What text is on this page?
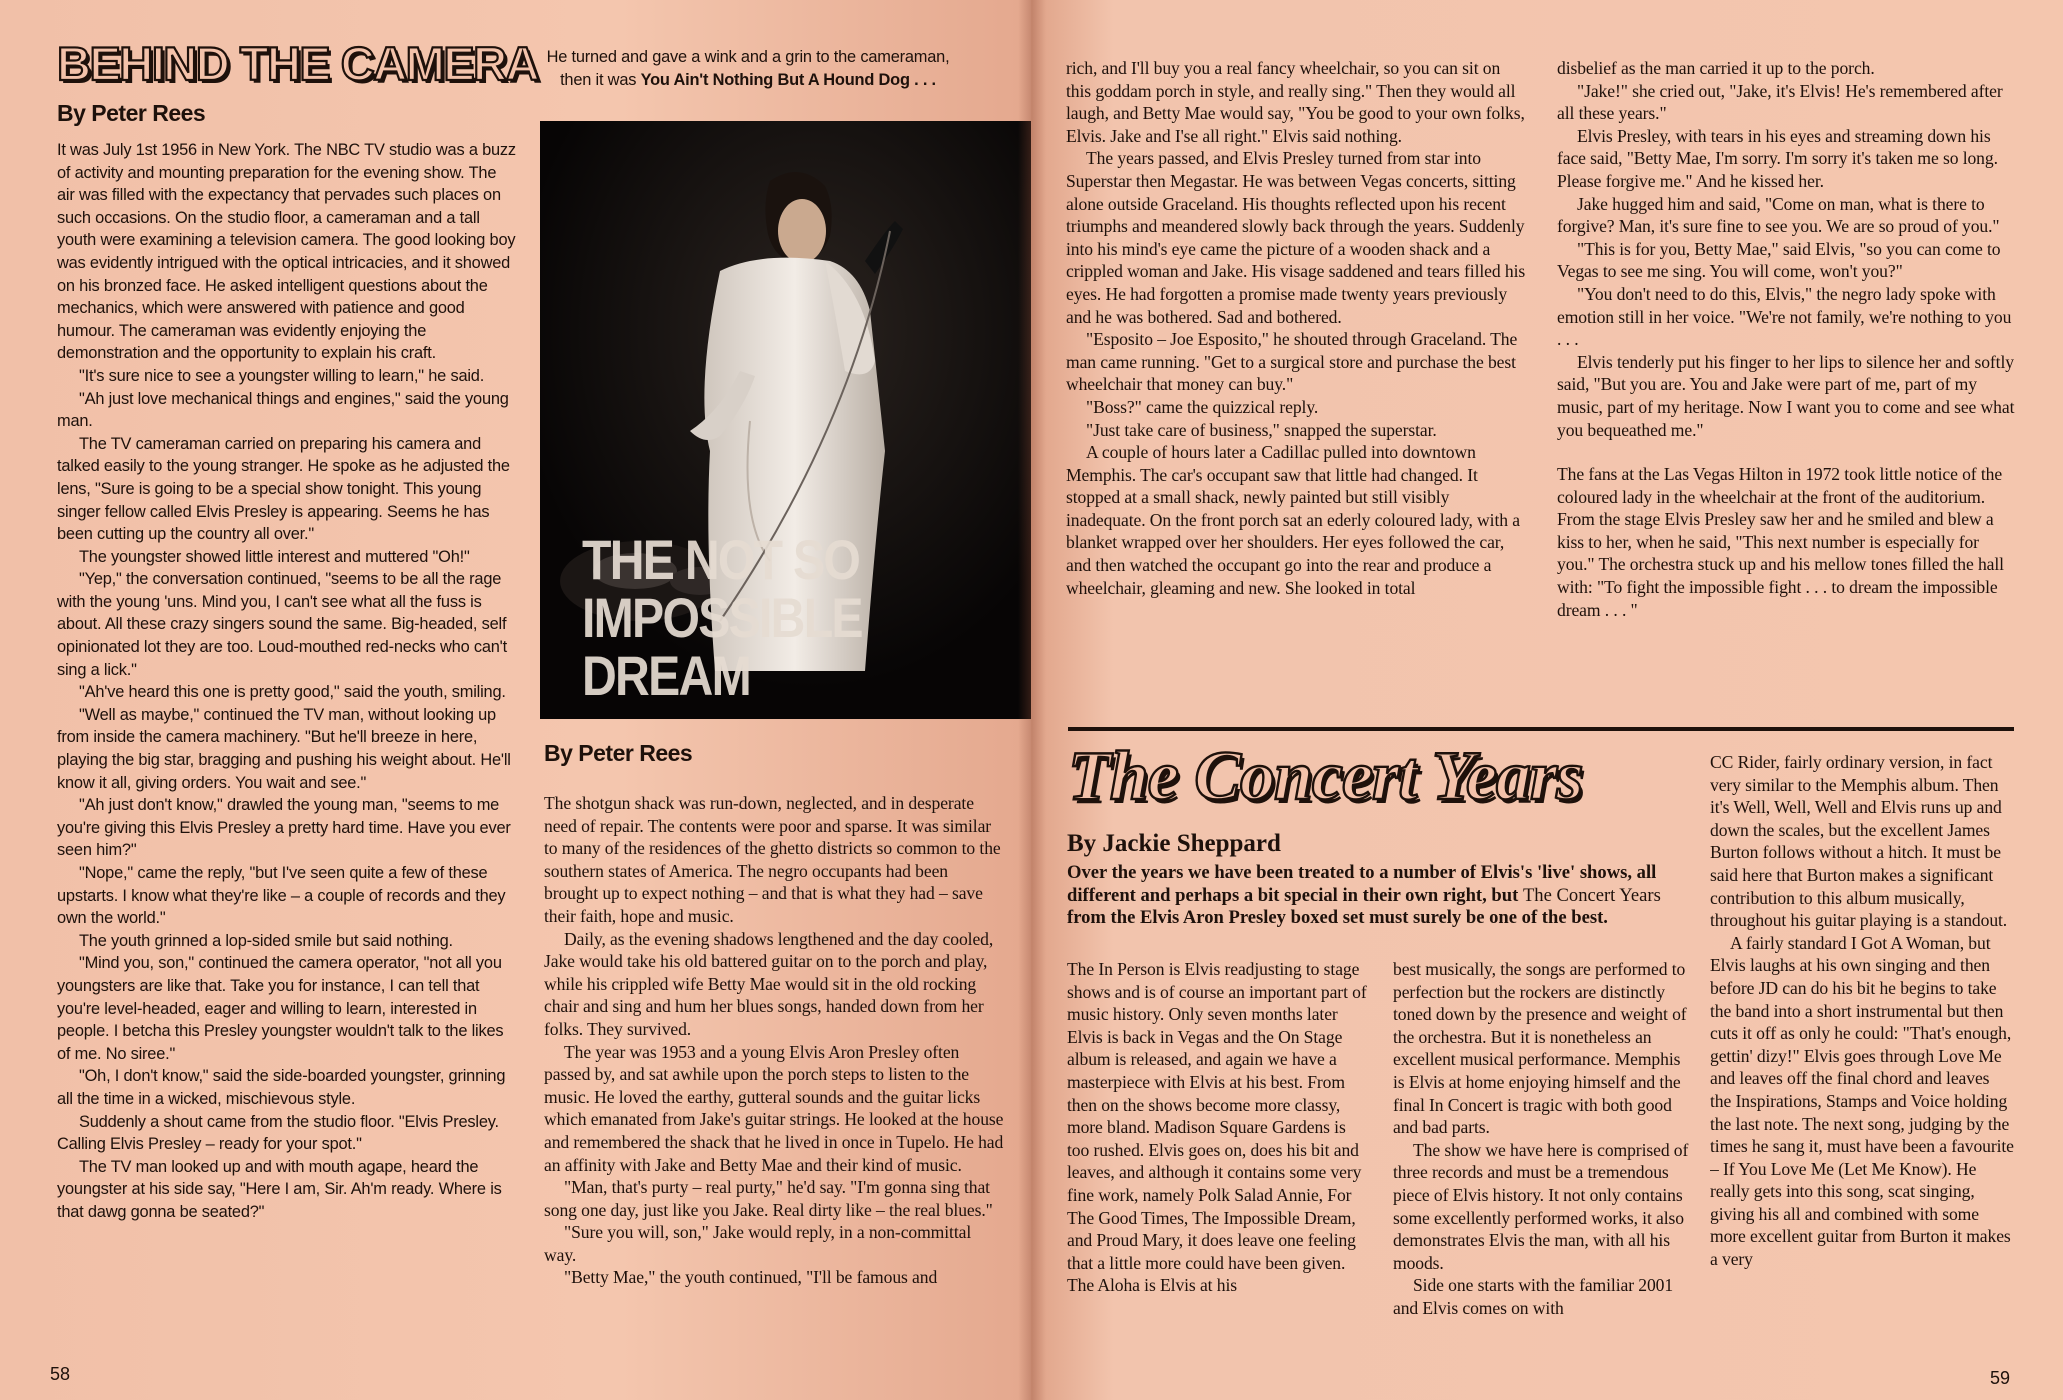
BEHIND THE CAMERA
By Peter Rees

It was July 1st 1956 in New York. The NBC TV studio was a buzz of activity and mounting preparation for the evening show. The air was filled with the expectancy that pervades such places on such occasions. On the studio floor, a cameraman and a tall youth were examining a television camera. The good looking boy was evidently intrigued with the optical intricacies, and it showed on his bronzed face. He asked intelligent questions about the mechanics, which were answered with patience and good humour. The cameraman was evidently enjoying the demonstration and the opportunity to explain his craft.

"It's sure nice to see a youngster willing to learn," he said.

"Ah just love mechanical things and engines," said the young man.

The TV cameraman carried on preparing his camera and talked easily to the young stranger. He spoke as he adjusted the lens, "Sure is going to be a special show tonight. This young singer fellow called Elvis Presley is appearing. Seems he has been cutting up the country all over."

The youngster showed little interest and muttered "Oh!"

"Yep," the conversation continued, "seems to be all the rage with the young 'uns. Mind you, I can't see what all the fuss is about. All these crazy singers sound the same. Big-headed, self opinionated lot they are too. Loud-mouthed red-necks who can't sing a lick."

"Ah've heard this one is pretty good," said the youth, smiling.

"Well as maybe," continued the TV man, without looking up from inside the camera machinery. "But he'll breeze in here, playing the big star, bragging and pushing his weight about. He'll know it all, giving orders. You wait and see."

"Ah just don't know," drawled the young man, "seems to me you're giving this Elvis Presley a pretty hard time. Have you ever seen him?"

"Nope," came the reply, "but I've seen quite a few of these upstarts. I know what they're like – a couple of records and they own the world."

The youth grinned a lop-sided smile but said nothing.

"Mind you, son," continued the camera operator, "not all you youngsters are like that. Take you for instance, I can tell that you're level-headed, eager and willing to learn, interested in people. I betcha this Presley youngster wouldn't talk to the likes of me. No siree."

"Oh, I don't know," said the side-boarded youngster, grinning all the time in a wicked, mischievous style.

Suddenly a shout came from the studio floor. "Elvis Presley. Calling Elvis Presley – ready for your spot."

The TV man looked up and with mouth agape, heard the youngster at his side say, "Here I am, Sir. Ah'm ready. Where is that dawg gonna be seated?"

He turned and gave a wink and a grin to the cameraman, then it was You Ain't Nothing But A Hound Dog . . .

THE NOT SO
IMPOSSIBLE DREAM
By Peter Rees

The shotgun shack was run-down, neglected, and in desperate need of repair. The contents were poor and sparse. It was similar to many of the residences of the ghetto districts so common to the southern states of America. The negro occupants had been brought up to expect nothing – and that is what they had – save their faith, hope and music.

Daily, as the evening shadows lengthened and the day cooled, Jake would take his old battered guitar on to the porch and play, while his crippled wife Betty Mae would sit in the old rocking chair and sing and hum her blues songs, handed down from her folks. They survived.

The year was 1953 and a young Elvis Aron Presley often passed by, and sat awhile upon the porch steps to listen to the music. He loved the earthy, gutteral sounds and the guitar licks which emanated from Jake's guitar strings. He looked at the house and remembered the shack that he lived in once in Tupelo. He had an affinity with Jake and Betty Mae and their kind of music.

"Man, that's purty – real purty," he'd say. "I'm gonna sing that song one day, just like you Jake. Real dirty like – the real blues."

"Sure you will, son," Jake would reply, in a non-committal way.

"Betty Mae," the youth continued, "I'll be famous and

58

rich, and I'll buy you a real fancy wheelchair, so you can sit on this goddam porch in style, and really sing." Then they would all laugh, and Betty Mae would say, "You be good to your own folks, Elvis. Jake and I'se all right." Elvis said nothing.

The years passed, and Elvis Presley turned from star into Superstar then Megastar. He was between Vegas concerts, sitting alone outside Graceland. His thoughts reflected upon his recent triumphs and meandered slowly back through the years. Suddenly into his mind's eye came the picture of a wooden shack and a crippled woman and Jake. His visage saddened and tears filled his eyes. He had forgotten a promise made twenty years previously and he was bothered. Sad and bothered.

"Esposito – Joe Esposito," he shouted through Graceland. The man came running. "Get to a surgical store and purchase the best wheelchair that money can buy."

"Boss?" came the quizzical reply.

"Just take care of business," snapped the superstar.

A couple of hours later a Cadillac pulled into downtown Memphis. The car's occupant saw that little had changed. It stopped at a small shack, newly painted but still visibly inadequate. On the front porch sat an ederly coloured lady, with a blanket wrapped over her shoulders. Her eyes followed the car, and then watched the occupant go into the rear and produce a wheelchair, gleaming and new. She looked in total

disbelief as the man carried it up to the porch.

"Jake!" she cried out, "Jake, it's Elvis! He's remembered after all these years."

Elvis Presley, with tears in his eyes and streaming down his face said, "Betty Mae, I'm sorry. I'm sorry it's taken me so long. Please forgive me." And he kissed her.

Jake hugged him and said, "Come on man, what is there to forgive? Man, it's sure fine to see you. We are so proud of you."

"This is for you, Betty Mae," said Elvis, "so you can come to Vegas to see me sing. You will come, won't you?"

"You don't need to do this, Elvis," the negro lady spoke with emotion still in her voice. "We're not family, we're nothing to you . . .

Elvis tenderly put his finger to her lips to silence her and softly said, "But you are. You and Jake were part of me, part of my music, part of my heritage. Now I want you to come and see what you bequeathed me."

The fans at the Las Vegas Hilton in 1972 took little notice of the coloured lady in the wheelchair at the front of the auditorium. From the stage Elvis Presley saw her and he smiled and blew a kiss to her, when he said, "This next number is especially for you." The orchestra stuck up and his mellow tones filled the hall with: "To fight the impossible fight . . . to dream the impossible dream . . . "

The Concert Years
By Jackie Sheppard

Over the years we have been treated to a number of Elvis's 'live' shows, all different and perhaps a bit special in their own right, but The Concert Years from the Elvis Aron Presley boxed set must surely be one of the best.

The In Person is Elvis readjusting to stage shows and is of course an important part of music history. Only seven months later Elvis is back in Vegas and the On Stage album is released, and again we have a masterpiece with Elvis at his best. From then on the shows become more classy, more bland. Madison Square Gardens is too rushed. Elvis goes on, does his bit and leaves, and although it contains some very fine work, namely Polk Salad Annie, For The Good Times, The Impossible Dream, and Proud Mary, it does leave one feeling that a little more could have been given. The Aloha is Elvis at his

best musically, the songs are performed to perfection but the rockers are distinctly toned down by the presence and weight of the orchestra. But it is nonetheless an excellent musical performance. Memphis is Elvis at home enjoying himself and the final In Concert is tragic with both good and bad parts.

The show we have here is comprised of three records and must be a tremendous piece of Elvis history. It not only contains some excellently performed works, it also demonstrates Elvis the man, with all his moods.

Side one starts with the familiar 2001 and Elvis comes on with

CC Rider, fairly ordinary version, in fact very similar to the Memphis album. Then it's Well, Well, Well and Elvis runs up and down the scales, but the excellent James Burton follows without a hitch. It must be said here that Burton makes a significant contribution to this album musically, throughout his guitar playing is a standout.

A fairly standard I Got A Woman, but Elvis laughs at his own singing and then before JD can do his bit he begins to take the band into a short instrumental but then cuts it off as only he could: "That's enough, gettin' dizy!" Elvis goes through Love Me and leaves off the final chord and leaves the Inspirations, Stamps and Voice holding the last note. The next song, judging by the times he sang it, must have been a favourite – If You Love Me (Let Me Know). He really gets into this song, scat singing, giving his all and combined with some more excellent guitar from Burton it makes a very

59
